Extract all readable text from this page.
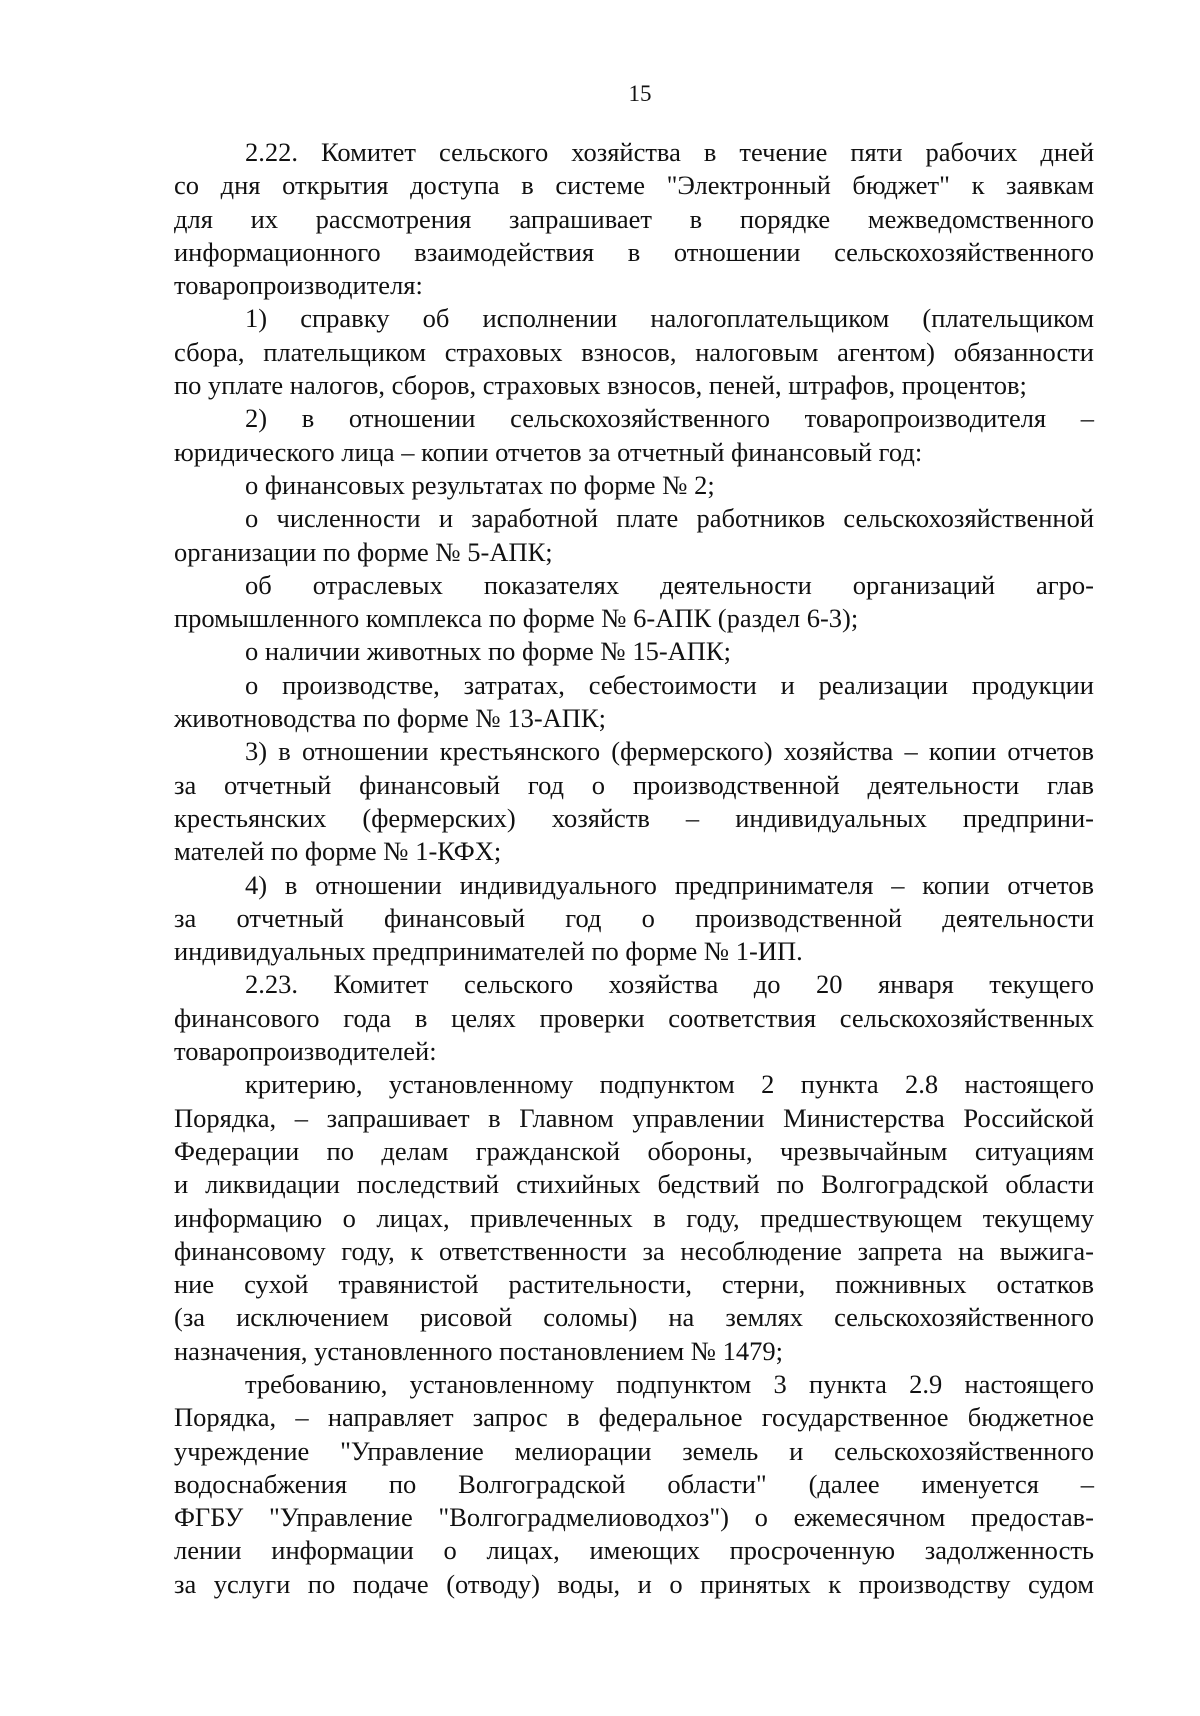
15
2.22. Комитет сельского хозяйства в течение пяти рабочих дней
со дня открытия доступа в системе "Электронный бюджет" к заявкам
для их рассмотрения запрашивает в порядке межведомственного
информационного взаимодействия в отношении сельскохозяйственного
товаропроизводителя:
1) справку об исполнении налогоплательщиком (плательщиком
сбора, плательщиком страховых взносов, налоговым агентом) обязанности
по уплате налогов, сборов, страховых взносов, пеней, штрафов, процентов;
2) в отношении сельскохозяйственного товаропроизводителя –
юридического лица – копии отчетов за отчетный финансовый год:
о финансовых результатах по форме № 2;
о численности и заработной плате работников сельскохозяйственной
организации по форме № 5-АПК;
об отраслевых показателях деятельности организаций агро-
промышленного комплекса по форме № 6-АПК (раздел 6-3);
о наличии животных по форме № 15-АПК;
о производстве, затратах, себестоимости и реализации продукции
животноводства по форме № 13-АПК;
3) в отношении крестьянского (фермерского) хозяйства – копии отчетов
за отчетный финансовый год о производственной деятельности глав
крестьянских (фермерских) хозяйств – индивидуальных предприни-
мателей по форме № 1-КФХ;
4) в отношении индивидуального предпринимателя – копии отчетов
за отчетный финансовый год о производственной деятельности
индивидуальных предпринимателей по форме № 1-ИП.
2.23. Комитет сельского хозяйства до 20 января текущего
финансового года в целях проверки соответствия сельскохозяйственных
товаропроизводителей:
критерию, установленному подпунктом 2 пункта 2.8 настоящего
Порядка, – запрашивает в Главном управлении Министерства Российской
Федерации по делам гражданской обороны, чрезвычайным ситуациям
и ликвидации последствий стихийных бедствий по Волгоградской области
информацию о лицах, привлеченных в году, предшествующем текущему
финансовому году, к ответственности за несоблюдение запрета на выжига-
ние сухой травянистой растительности, стерни, пожнивных остатков
(за исключением рисовой соломы) на землях сельскохозяйственного
назначения, установленного постановлением № 1479;
требованию, установленному подпунктом 3 пункта 2.9 настоящего
Порядка, – направляет запрос в федеральное государственное бюджетное
учреждение "Управление мелиорации земель и сельскохозяйственного
водоснабжения по Волгоградской области" (далее именуется –
ФГБУ "Управление "Волгоградмелиоводхоз") о ежемесячном предостав-
лении информации о лицах, имеющих просроченную задолженность
за услуги по подаче (отводу) воды, и о принятых к производству судом
